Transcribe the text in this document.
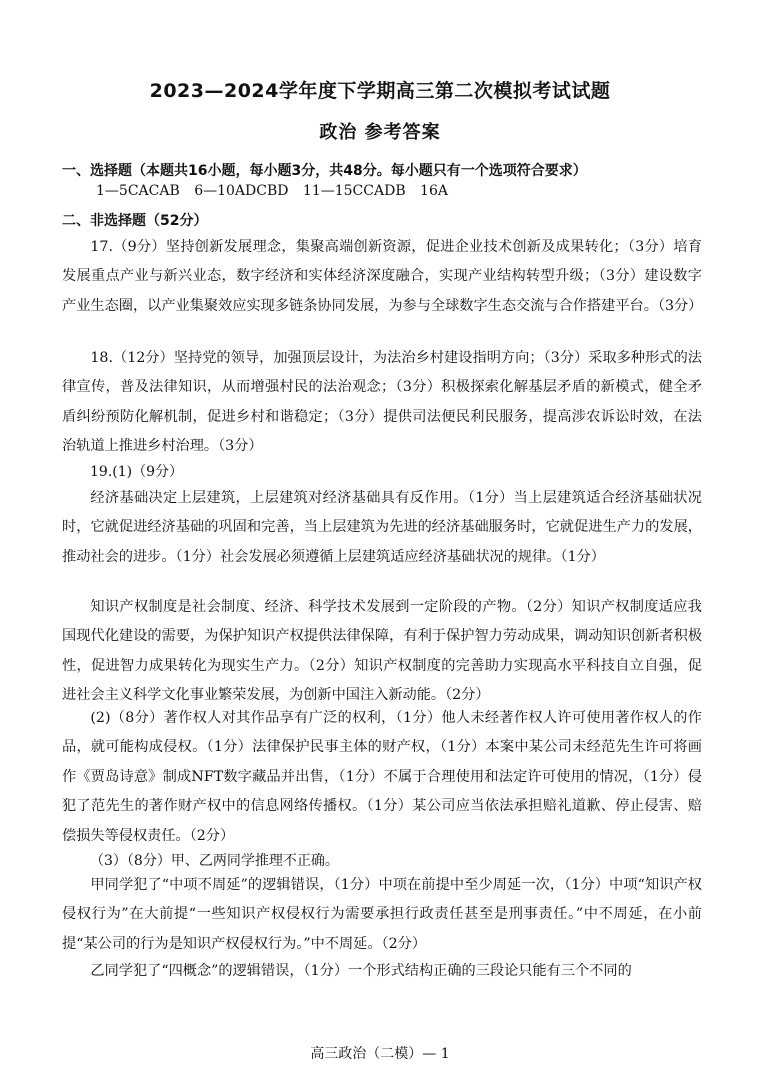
2023—2024学年度下学期高三第二次模拟考试试题
政治 参考答案
一、选择题（本题共16小题，每小题3分，共48分。每小题只有一个选项符合要求）
1—5CACAB 6—10ADCBD 11—15CCADB 16A
二、非选择题（52分）

17.（9分）坚持创新发展理念，集聚高端创新资源，促进企业技术创新及成果转化；（3分）培育发展重点产业与新兴业态，数字经济和实体经济深度融合，实现产业结构转型升级；（3分）建设数字产业生态圈，以产业集聚效应实现多链条协同发展，为参与全球数字生态交流与合作搭建平台。（3分）

18.（12分）坚持党的领导，加强顶层设计，为法治乡村建设指明方向；（3分）采取多种形式的法律宣传，普及法律知识，从而增强村民的法治观念；（3分）积极探索化解基层矛盾的新模式，健全矛盾纠纷预防化解机制，促进乡村和谐稳定；（3分）提供司法便民利民服务，提高涉农诉讼时效，在法治轨道上推进乡村治理。（3分）

19.(1)（9分）

经济基础决定上层建筑，上层建筑对经济基础具有反作用。（1分）当上层建筑适合经济基础状况时，它就促进经济基础的巩固和完善，当上层建筑为先进的经济基础服务时，它就促进生产力的发展，推动社会的进步。（1分）社会发展必须遵循上层建筑适应经济基础状况的规律。（1分）

知识产权制度是社会制度、经济、科学技术发展到一定阶段的产物。（2分）知识产权制度适应我国现代化建设的需要，为保护知识产权提供法律保障，有利于保护智力劳动成果，调动知识创新者积极性，促进智力成果转化为现实生产力。（2分）知识产权制度的完善助力实现高水平科技自立自强，促进社会主义科学文化事业繁荣发展，为创新中国注入新动能。（2分）

(2)（8分）著作权人对其作品享有广泛的权利，（1分）他人未经著作权人许可使用著作权人的作品，就可能构成侵权。（1分）法律保护民事主体的财产权，（1分）本案中某公司未经范先生许可将画作《贾岛诗意》制成NFT数字藏品并出售，（1分）不属于合理使用和法定许可使用的情况，（1分）侵犯了范先生的著作财产权中的信息网络传播权。（1分）某公司应当依法承担赔礼道歉、停止侵害、赔偿损失等侵权责任。（2分）

（3）（8分）甲、乙两同学推理不正确。

甲同学犯了“中项不周延”的逻辑错误，（1分）中项在前提中至少周延一次，（1分）中项“知识产权侵权行为”在大前提“一些知识产权侵权行为需要承担行政责任甚至是刑事责任。”中不周延，在小前提“某公司的行为是知识产权侵权行为。”中不周延。（2分）

乙同学犯了“四概念”的逻辑错误，（1分）一个形式结构正确的三段论只能有三个不同的

高三政治（二模）— 1
